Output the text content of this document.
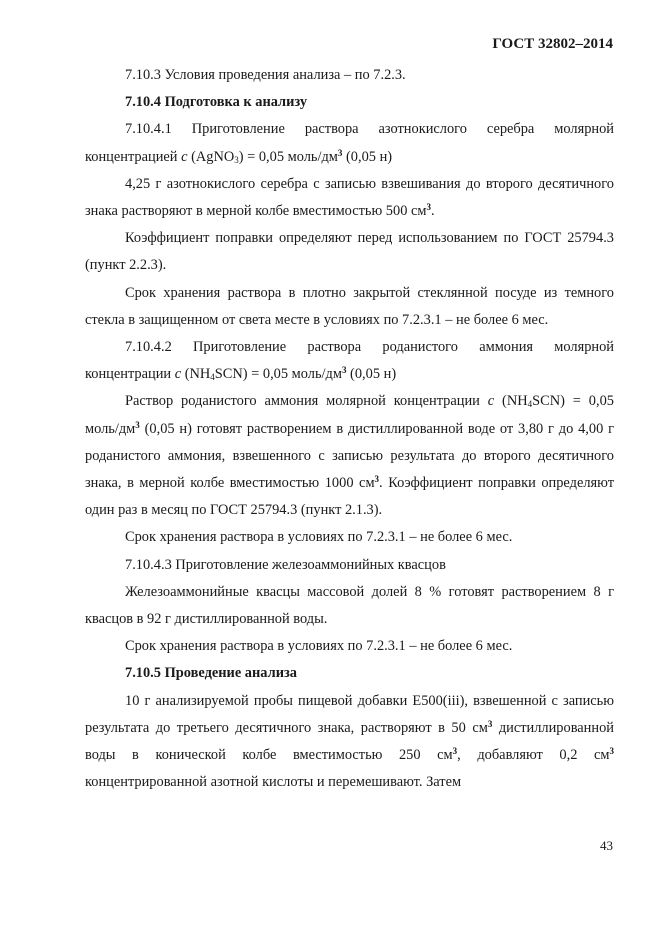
ГОСТ 32802–2014

7.10.3 Условия проведения анализа – по 7.2.3.

7.10.4 Подготовка к анализу

7.10.4.1 Приготовление раствора азотнокислого серебра молярной концентрацией c (AgNO$_3$) = 0,05 моль/$дм^3$ (0,05 н)

4,25 г азотнокислого серебра с записью взвешивания до второго десятичного знака растворяют в мерной колбе вместимостью 500 $см^3$.

Коэффициент поправки определяют перед использованием по ГОСТ 25794.3 (пункт 2.2.3).

Срок хранения раствора в плотно закрытой стеклянной посуде из темного стекла в защищенном от света месте в условиях по 7.2.3.1 – не более 6 мес.

7.10.4.2 Приготовление раствора роданистого аммония молярной концентрации c $(NH_4SCN) = 0,05$ моль/$дм^3$ (0,05 н)

Раствор роданистого аммония молярной концентрации c $(NH_4SCN) = 0,05$ моль/$дм^3$ (0,05 н) готовят растворением в дистиллированной воде от 3,80 г до 4,00 г роданистого аммония, взвешенного с записью результата до второго десятичного знака, в мерной колбе вместимостью 1000 $см^3$. Коэффициент поправки определяют один раз в месяц по ГОСТ 25794.3 (пункт 2.1.3).

Срок хранения раствора в условиях по 7.2.3.1 – не более 6 мес.

7.10.4.3 Приготовление железоаммонийных квасцов

Железоаммонийные квасцы массовой долей 8 % готовят растворением 8 г квасцов в 92 г дистиллированной воды.

Срок хранения раствора в условиях по 7.2.3.1 – не более 6 мес.

7.10.5 Проведение анализа

10 г анализируемой пробы пищевой добавки Е500(iii), взвешенной с записью результата до третьего десятичного знака, растворяют в 50 $см^3$ дистиллированной воды в конической колбе вместимостью 250 $см^3$, добавляют 0,2 $см^3$ концентрированной азотной кислоты и перемешивают. Затем

43
